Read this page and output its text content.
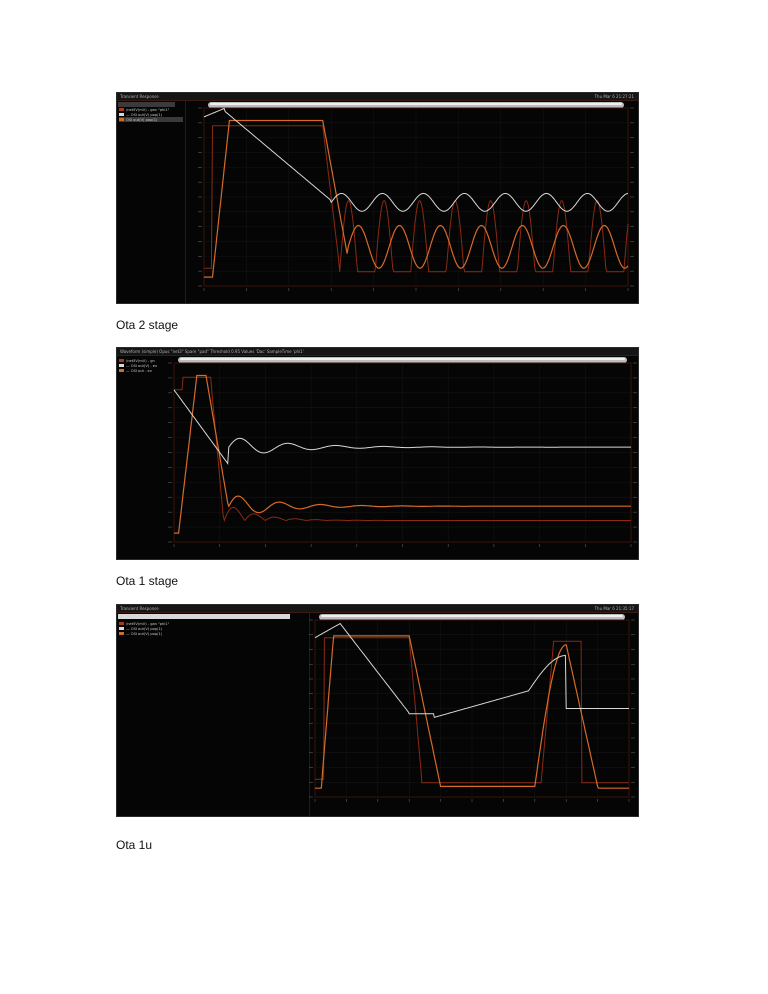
Transient Response	Thu Mar 6 21:27:21
/net5V(mV) - gan "phi1"
— OSI out(V) pop(1)
OSI out(V) pop(1)
Ota 2 stage
Waveform (simple) Opus "net3" Spare "pad" Threshold 0.95 Values 'Dac' SampleTime 'phi1'
/net5V(mV) - gn
— OSI out(V) - ev
— OSI out - ev
Ota 1 stage
Transient Response	Thu Mar 6 21:35:17
/net5V(mV) - gan "phi1"
— OSI out(V) pop(1)
— OSI out(V) pop(1)
Ota 1u
